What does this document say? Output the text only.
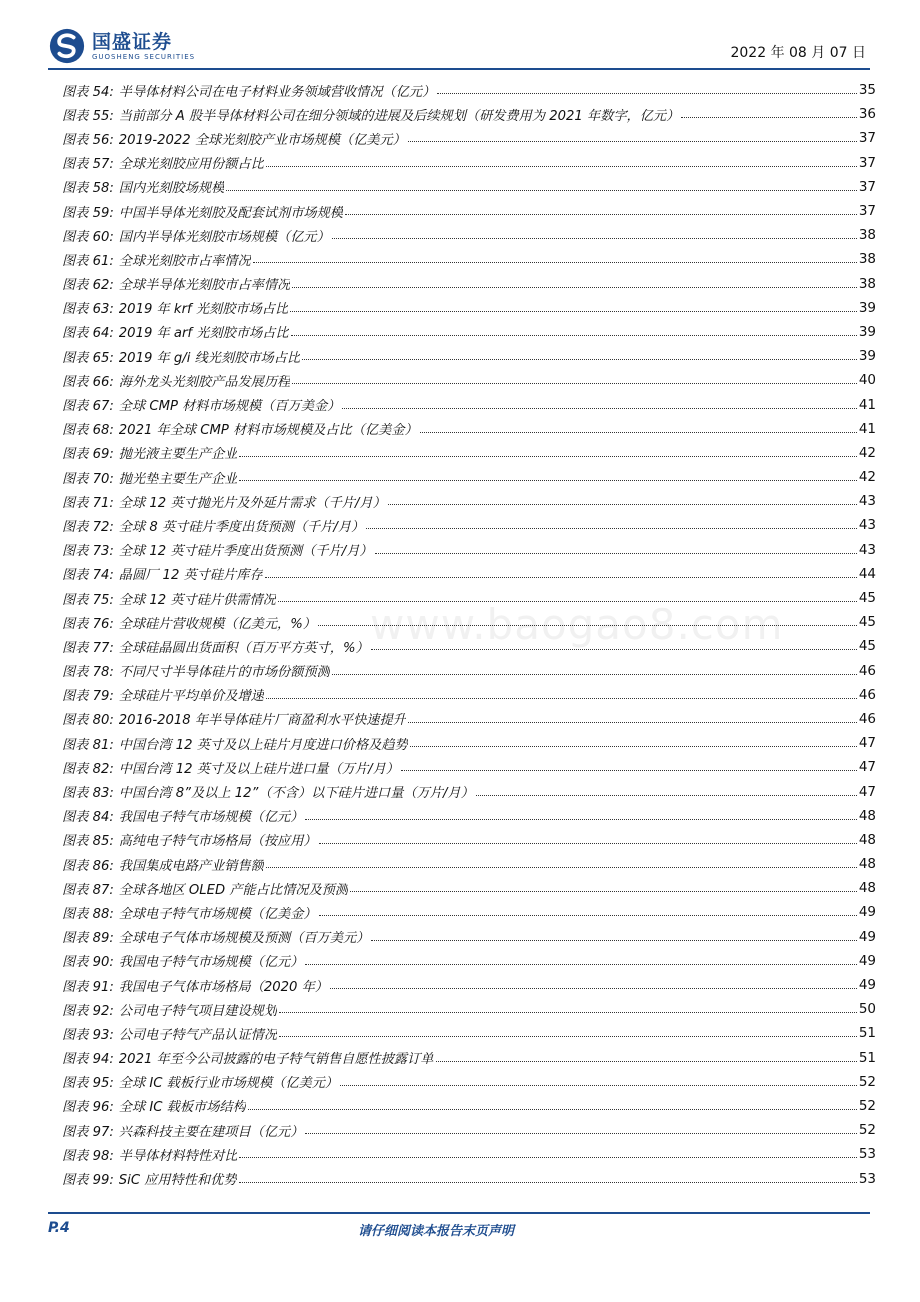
国盛证券
GUOSHENG SECURITIES	2022 年 08 月 07 日
www.baogao8.com
图表 54: 半导体材料公司在电子材料业务领域营收情况（亿元）	35
图表 55: 当前部分 A 股半导体材料公司在细分领域的进展及后续规划（研发费用为 2021 年数字，亿元）	36
图表 56: 2019-2022 全球光刻胶产业市场规模（亿美元）	37
图表 57: 全球光刻胶应用份额占比	37
图表 58: 国内光刻胶场规模	37
图表 59: 中国半导体光刻胶及配套试剂市场规模	37
图表 60: 国内半导体光刻胶市场规模（亿元）	38
图表 61: 全球光刻胶市占率情况	38
图表 62: 全球半导体光刻胶市占率情况	38
图表 63: 2019 年 krf 光刻胶市场占比	39
图表 64: 2019 年 arf 光刻胶市场占比	39
图表 65: 2019 年 g/i 线光刻胶市场占比	39
图表 66: 海外龙头光刻胶产品发展历程	40
图表 67: 全球 CMP 材料市场规模（百万美金）	41
图表 68: 2021 年全球 CMP 材料市场规模及占比（亿美金）	41
图表 69: 抛光液主要生产企业	42
图表 70: 抛光垫主要生产企业	42
图表 71: 全球 12 英寸抛光片及外延片需求（千片/月）	43
图表 72: 全球 8 英寸硅片季度出货预测（千片/月）	43
图表 73: 全球 12 英寸硅片季度出货预测（千片/月）	43
图表 74: 晶圆厂 12 英寸硅片库存	44
图表 75: 全球 12 英寸硅片供需情况	45
图表 76: 全球硅片营收规模（亿美元，%）	45
图表 77: 全球硅晶圆出货面积（百万平方英寸，%）	45
图表 78: 不同尺寸半导体硅片的市场份额预测	46
图表 79: 全球硅片平均单价及增速	46
图表 80: 2016-2018 年半导体硅片厂商盈利水平快速提升	46
图表 81: 中国台湾 12 英寸及以上硅片月度进口价格及趋势	47
图表 82: 中国台湾 12 英寸及以上硅片进口量（万片/月）	47
图表 83: 中国台湾 8”及以上 12”（不含）以下硅片进口量（万片/月）	47
图表 84: 我国电子特气市场规模（亿元）	48
图表 85: 高纯电子特气市场格局（按应用）	48
图表 86: 我国集成电路产业销售额	48
图表 87: 全球各地区 OLED 产能占比情况及预测	48
图表 88: 全球电子特气市场规模（亿美金）	49
图表 89: 全球电子气体市场规模及预测（百万美元）	49
图表 90: 我国电子特气市场规模（亿元）	49
图表 91: 我国电子气体市场格局（2020 年）	49
图表 92: 公司电子特气项目建设规划	50
图表 93: 公司电子特气产品认证情况	51
图表 94: 2021 年至今公司披露的电子特气销售自愿性披露订单	51
图表 95: 全球 IC 载板行业市场规模（亿美元）	52
图表 96: 全球 IC 载板市场结构	52
图表 97: 兴森科技主要在建项目（亿元）	52
图表 98: 半导体材料特性对比	53
图表 99: SiC 应用特性和优势	53
P.4	请仔细阅读本报告末页声明
